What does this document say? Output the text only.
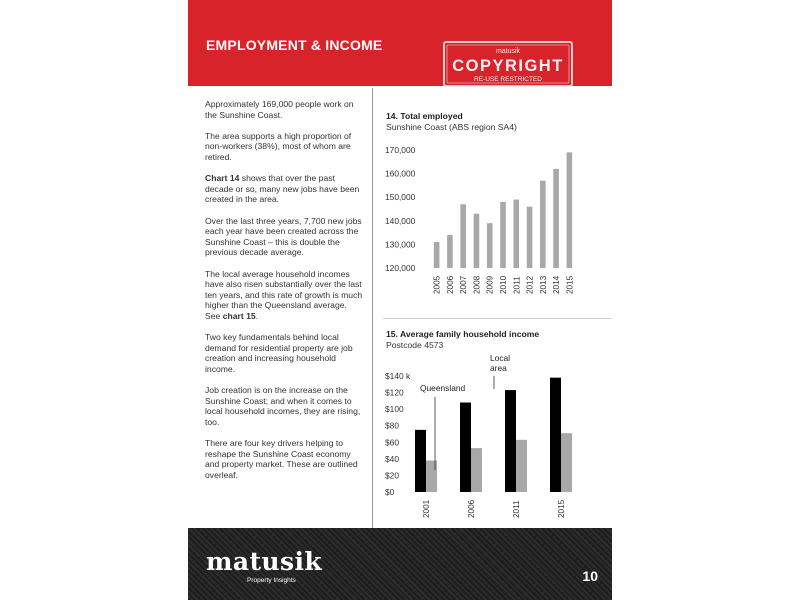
EMPLOYMENT & INCOME	matusik
COPYRIGHT
RE-USE RESTRICTED

Approximately 169,000 people work on the Sunshine Coast.

The area supports a high proportion of non-workers (38%), most of whom are retired.

Chart 14 shows that over the past decade or so, many new jobs have been created in the area.

Over the last three years, 7,700 new jobs each year have been created across the Sunshine Coast – this is double the previous decade average.

The local average household incomes have also risen substantially over the last ten years, and this rate of growth is much higher than the Queensland average. See chart 15.

Two key fundamentals behind local demand for residential property are job creation and increasing household income.

Job creation is on the increase on the Sunshine Coast; and when it comes to local household incomes, they are rising, too.

There are four key drivers helping to reshape the Sunshine Coast economy and property market. These are outlined overleaf.

14. Total employed
Sunshine Coast (ABS region SA4)
120,000
130,000
140,000
150,000
160,000
170,000
2005 2006 2007 2008 2009 2010 2011 2012 2013 2014 2015
15. Average family household income
Postcode 4573
$0
$20
$40
$60
$80
$100
$120
$140 k
2001	2006	2011	2015
Queensland
Local area
matusik
Property Insights	10
